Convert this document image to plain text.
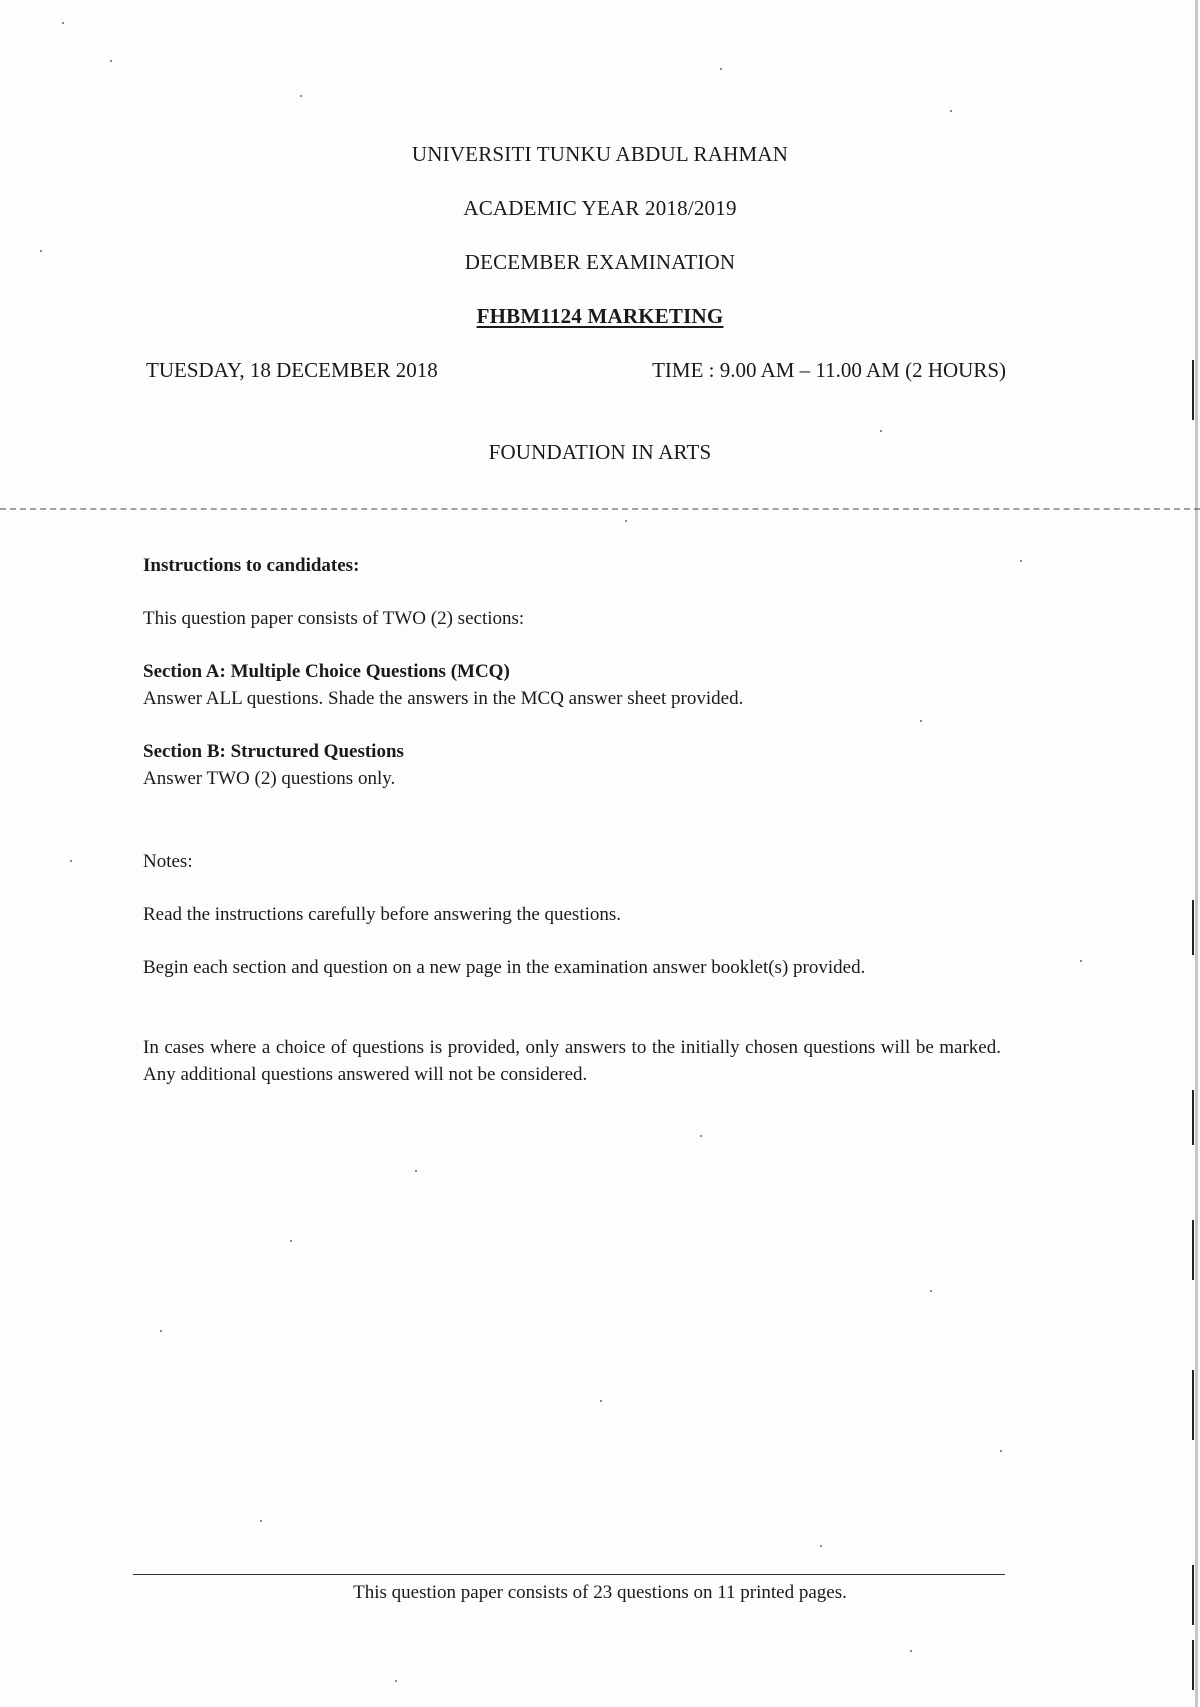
UNIVERSITI TUNKU ABDUL RAHMAN
ACADEMIC YEAR 2018/2019
DECEMBER EXAMINATION
FHBM1124 MARKETING
TUESDAY, 18 DECEMBER 2018	TIME : 9.00 AM – 11.00 AM (2 HOURS)
FOUNDATION IN ARTS
Instructions to candidates:
This question paper consists of TWO (2) sections:
Section A: Multiple Choice Questions (MCQ)
Answer ALL questions. Shade the answers in the MCQ answer sheet provided.
Section B: Structured Questions
Answer TWO (2) questions only.
Notes:
Read the instructions carefully before answering the questions.
Begin each section and question on a new page in the examination answer booklet(s) provided.
In cases where a choice of questions is provided, only answers to the initially chosen questions will be marked. Any additional questions answered will not be considered.
This question paper consists of 23 questions on 11 printed pages.
